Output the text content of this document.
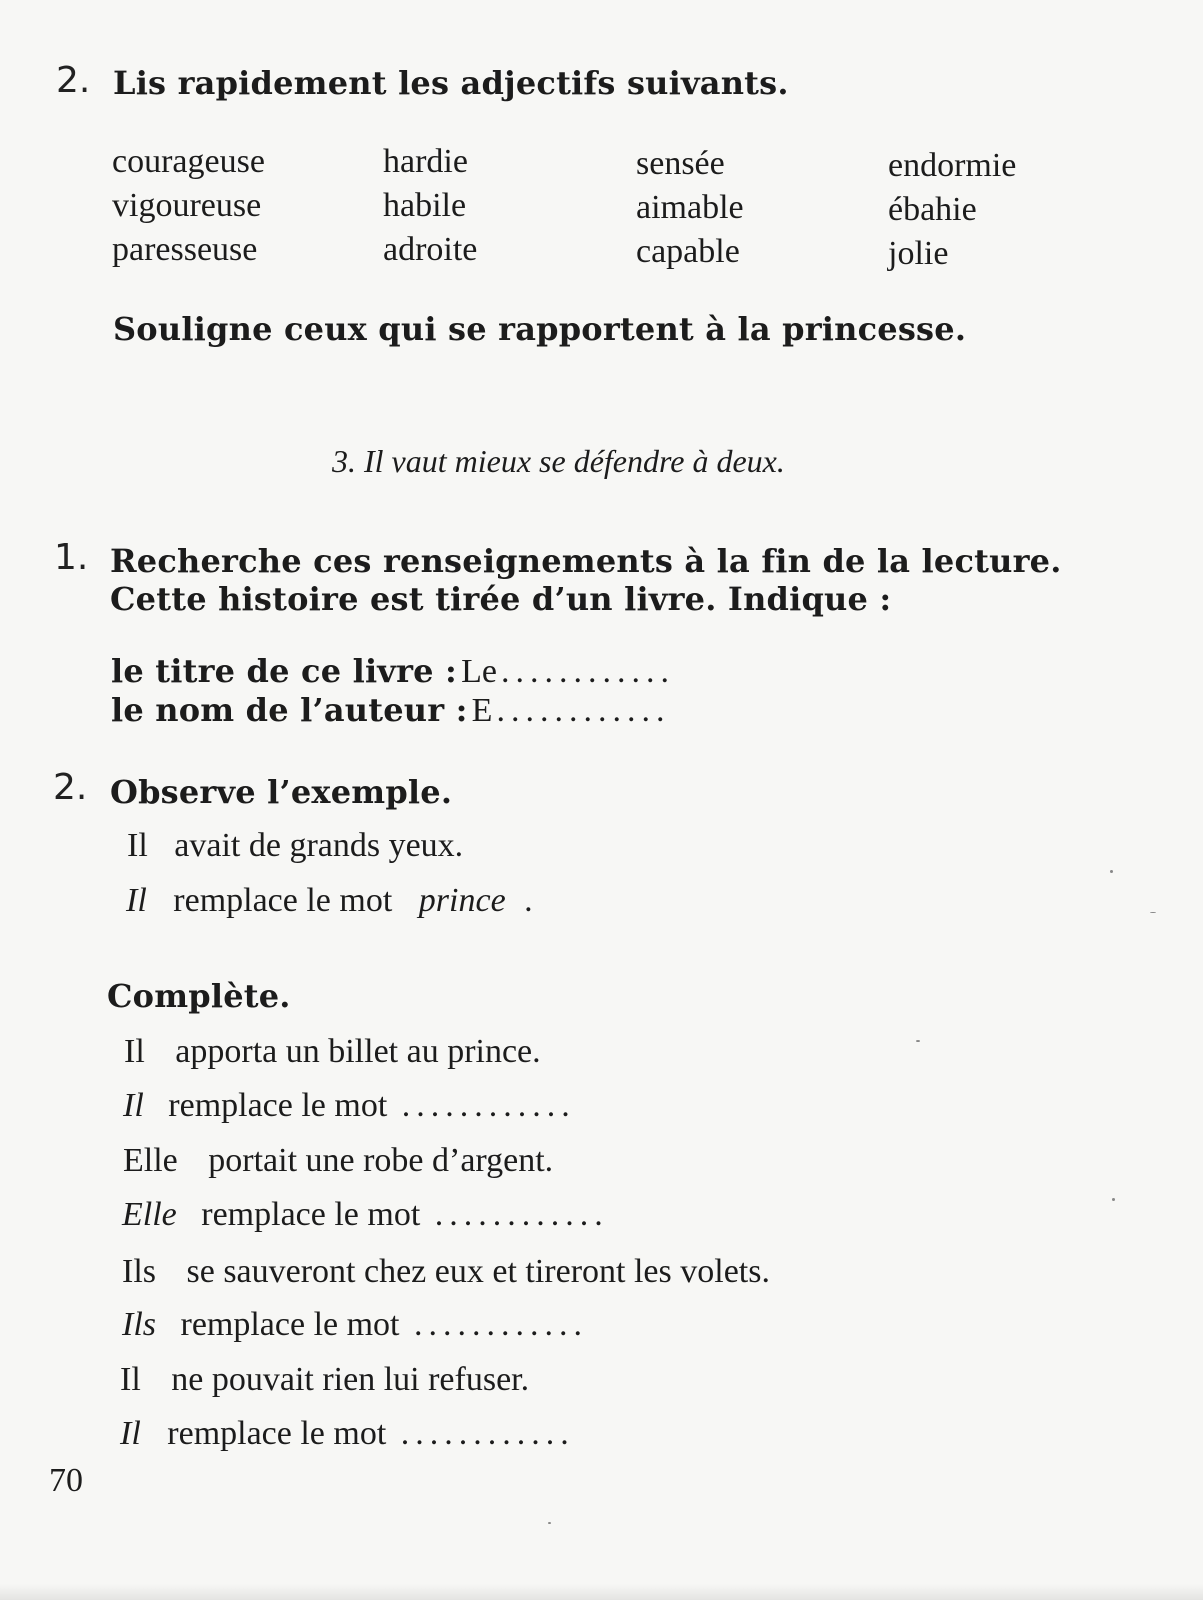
2. Lis rapidement les adjectifs suivants.
courageuse
vigoureuse
paresseuse
hardie
habile
adroite
sensée
aimable
capable
endormie
ébahie
jolie
Souligne ceux qui se rapportent à la princesse.
3. Il vaut mieux se défendre à deux.
1. Recherche ces renseignements à la fin de la lecture.
Cette histoire est tirée d’un livre. Indique :
le titre de ce livre : Le ............
le nom de l’auteur : E ............
2. Observe l’exemple.
Il avait de grands yeux.
Il remplace le mot prince .
Complète.
Il apporta un billet au prince.
Il remplace le mot ............
Elle portait une robe d’argent.
Elle remplace le mot ............
Ils se sauveront chez eux et tireront les volets.
Ils remplace le mot ............
Il ne pouvait rien lui refuser.
Il remplace le mot ............
70
